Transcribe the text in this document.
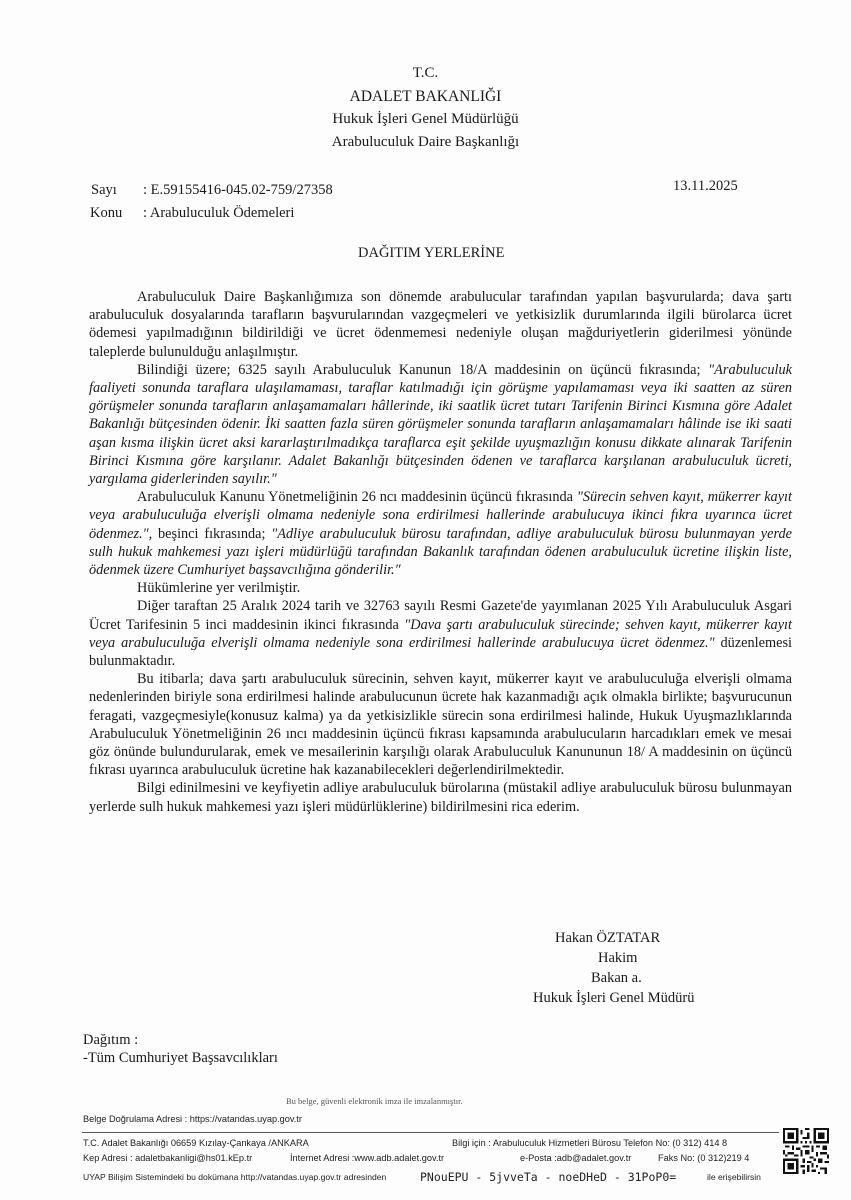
T.C.
ADALET BAKANLIĞI
Hukuk İşleri Genel Müdürlüğü
Arabuluculuk Daire Başkanlığı
Sayı : E.59155416-045.02-759/27358
Konu : Arabuluculuk Ödemeleri
13.11.2025
DAĞITIM YERLERİNE

Arabuluculuk Daire Başkanlığımıza son dönemde arabulucular tarafından yapılan başvurularda; dava şartı arabuluculuk dosyalarında tarafların başvurularından vazgeçmeleri ve yetkisizlik durumlarında ilgili bürolarca ücret ödemesi yapılmadığının bildirildiği ve ücret ödenmemesi nedeniyle oluşan mağduriyetlerin giderilmesi yönünde taleplerde bulunulduğu anlaşılmıştır.

Bilindiği üzere; 6325 sayılı Arabuluculuk Kanunun 18/A maddesinin on üçüncü fıkrasında; "Arabuluculuk faaliyeti sonunda taraflara ulaşılamaması, taraflar katılmadığı için görüşme yapılamaması veya iki saatten az süren görüşmeler sonunda tarafların anlaşamamaları hâllerinde, iki saatlik ücret tutarı Tarifenin Birinci Kısmına göre Adalet Bakanlığı bütçesinden ödenir. İki saatten fazla süren görüşmeler sonunda tarafların anlaşamamaları hâlinde ise iki saati aşan kısma ilişkin ücret aksi kararlaştırılmadıkça taraflarca eşit şekilde uyuşmazlığın konusu dikkate alınarak Tarifenin Birinci Kısmına göre karşılanır. Adalet Bakanlığı bütçesinden ödenen ve taraflarca karşılanan arabuluculuk ücreti, yargılama giderlerinden sayılır."

Arabuluculuk Kanunu Yönetmeliğinin 26 ncı maddesinin üçüncü fıkrasında "Sürecin sehven kayıt, mükerrer kayıt veya arabuluculuğa elverişli olmama nedeniyle sona erdirilmesi hallerinde arabulucuya ikinci fıkra uyarınca ücret ödenmez.", beşinci fıkrasında; "Adliye arabuluculuk bürosu tarafından, adliye arabuluculuk bürosu bulunmayan yerde sulh hukuk mahkemesi yazı işleri müdürlüğü tarafından Bakanlık tarafından ödenen arabuluculuk ücretine ilişkin liste, ödenmek üzere Cumhuriyet başsavcılığına gönderilir."

Hükümlerine yer verilmiştir.

Diğer taraftan 25 Aralık 2024 tarih ve 32763 sayılı Resmi Gazete'de yayımlanan 2025 Yılı Arabuluculuk Asgari Ücret Tarifesinin 5 inci maddesinin ikinci fıkrasında "Dava şartı arabuluculuk sürecinde; sehven kayıt, mükerrer kayıt veya arabuluculuğa elverişli olmama nedeniyle sona erdirilmesi hallerinde arabulucuya ücret ödenmez." düzenlemesi bulunmaktadır.

Bu itibarla; dava şartı arabuluculuk sürecinin, sehven kayıt, mükerrer kayıt ve arabuluculuğa elverişli olmama nedenlerinden biriyle sona erdirilmesi halinde arabulucunun ücrete hak kazanmadığı açık olmakla birlikte; başvurucunun feragati, vazgeçmesiyle(konusuz kalma) ya da yetkisizlikle sürecin sona erdirilmesi halinde, Hukuk Uyuşmazlıklarında Arabuluculuk Yönetmeliğinin 26 ıncı maddesinin üçüncü fıkrası kapsamında arabulucuların harcadıkları emek ve mesai göz önünde bulundurularak, emek ve mesailerinin karşılığı olarak Arabuluculuk Kanununun 18/ A maddesinin on üçüncü fıkrası uyarınca arabuluculuk ücretine hak kazanabilecekleri değerlendirilmektedir.

Bilgi edinilmesini ve keyfiyetin adliye arabuluculuk bürolarına (müstakil adliye arabuluculuk bürosu bulunmayan yerlerde sulh hukuk mahkemesi yazı işleri müdürlüklerine) bildirilmesini rica ederim.

Hakan ÖZTATAR
Hakim
Bakan a.
Hukuk İşleri Genel Müdürü
Dağıtım :
-Tüm Cumhuriyet Başsavcılıkları
Bu belge, güvenli elektronik imza ile imzalanmıştır.
Belge Doğrulama Adresi : https://vatandas.uyap.gov.tr
T.C. Adalet Bakanlığı 06659 Kızılay-Çankaya /ANKARA	Bilgi için : Arabuluculuk Hizmetleri Bürosu Telefon No: (0 312) 414 8
Kep Adresi : adaletbakanligi@hs01.kEp.tr	İnternet Adresi :www.adb.adalet.gov.tr	e-Posta :adb@adalet.gov.tr	Faks No: (0 312)219 4
UYAP Bilişim Sistemindeki bu dokümana http://vatandas.uyap.gov.tr adresinden	PNouEPU - 5jvveTa - noeDHeD - 31PoP0=	ile erişebilirsin
